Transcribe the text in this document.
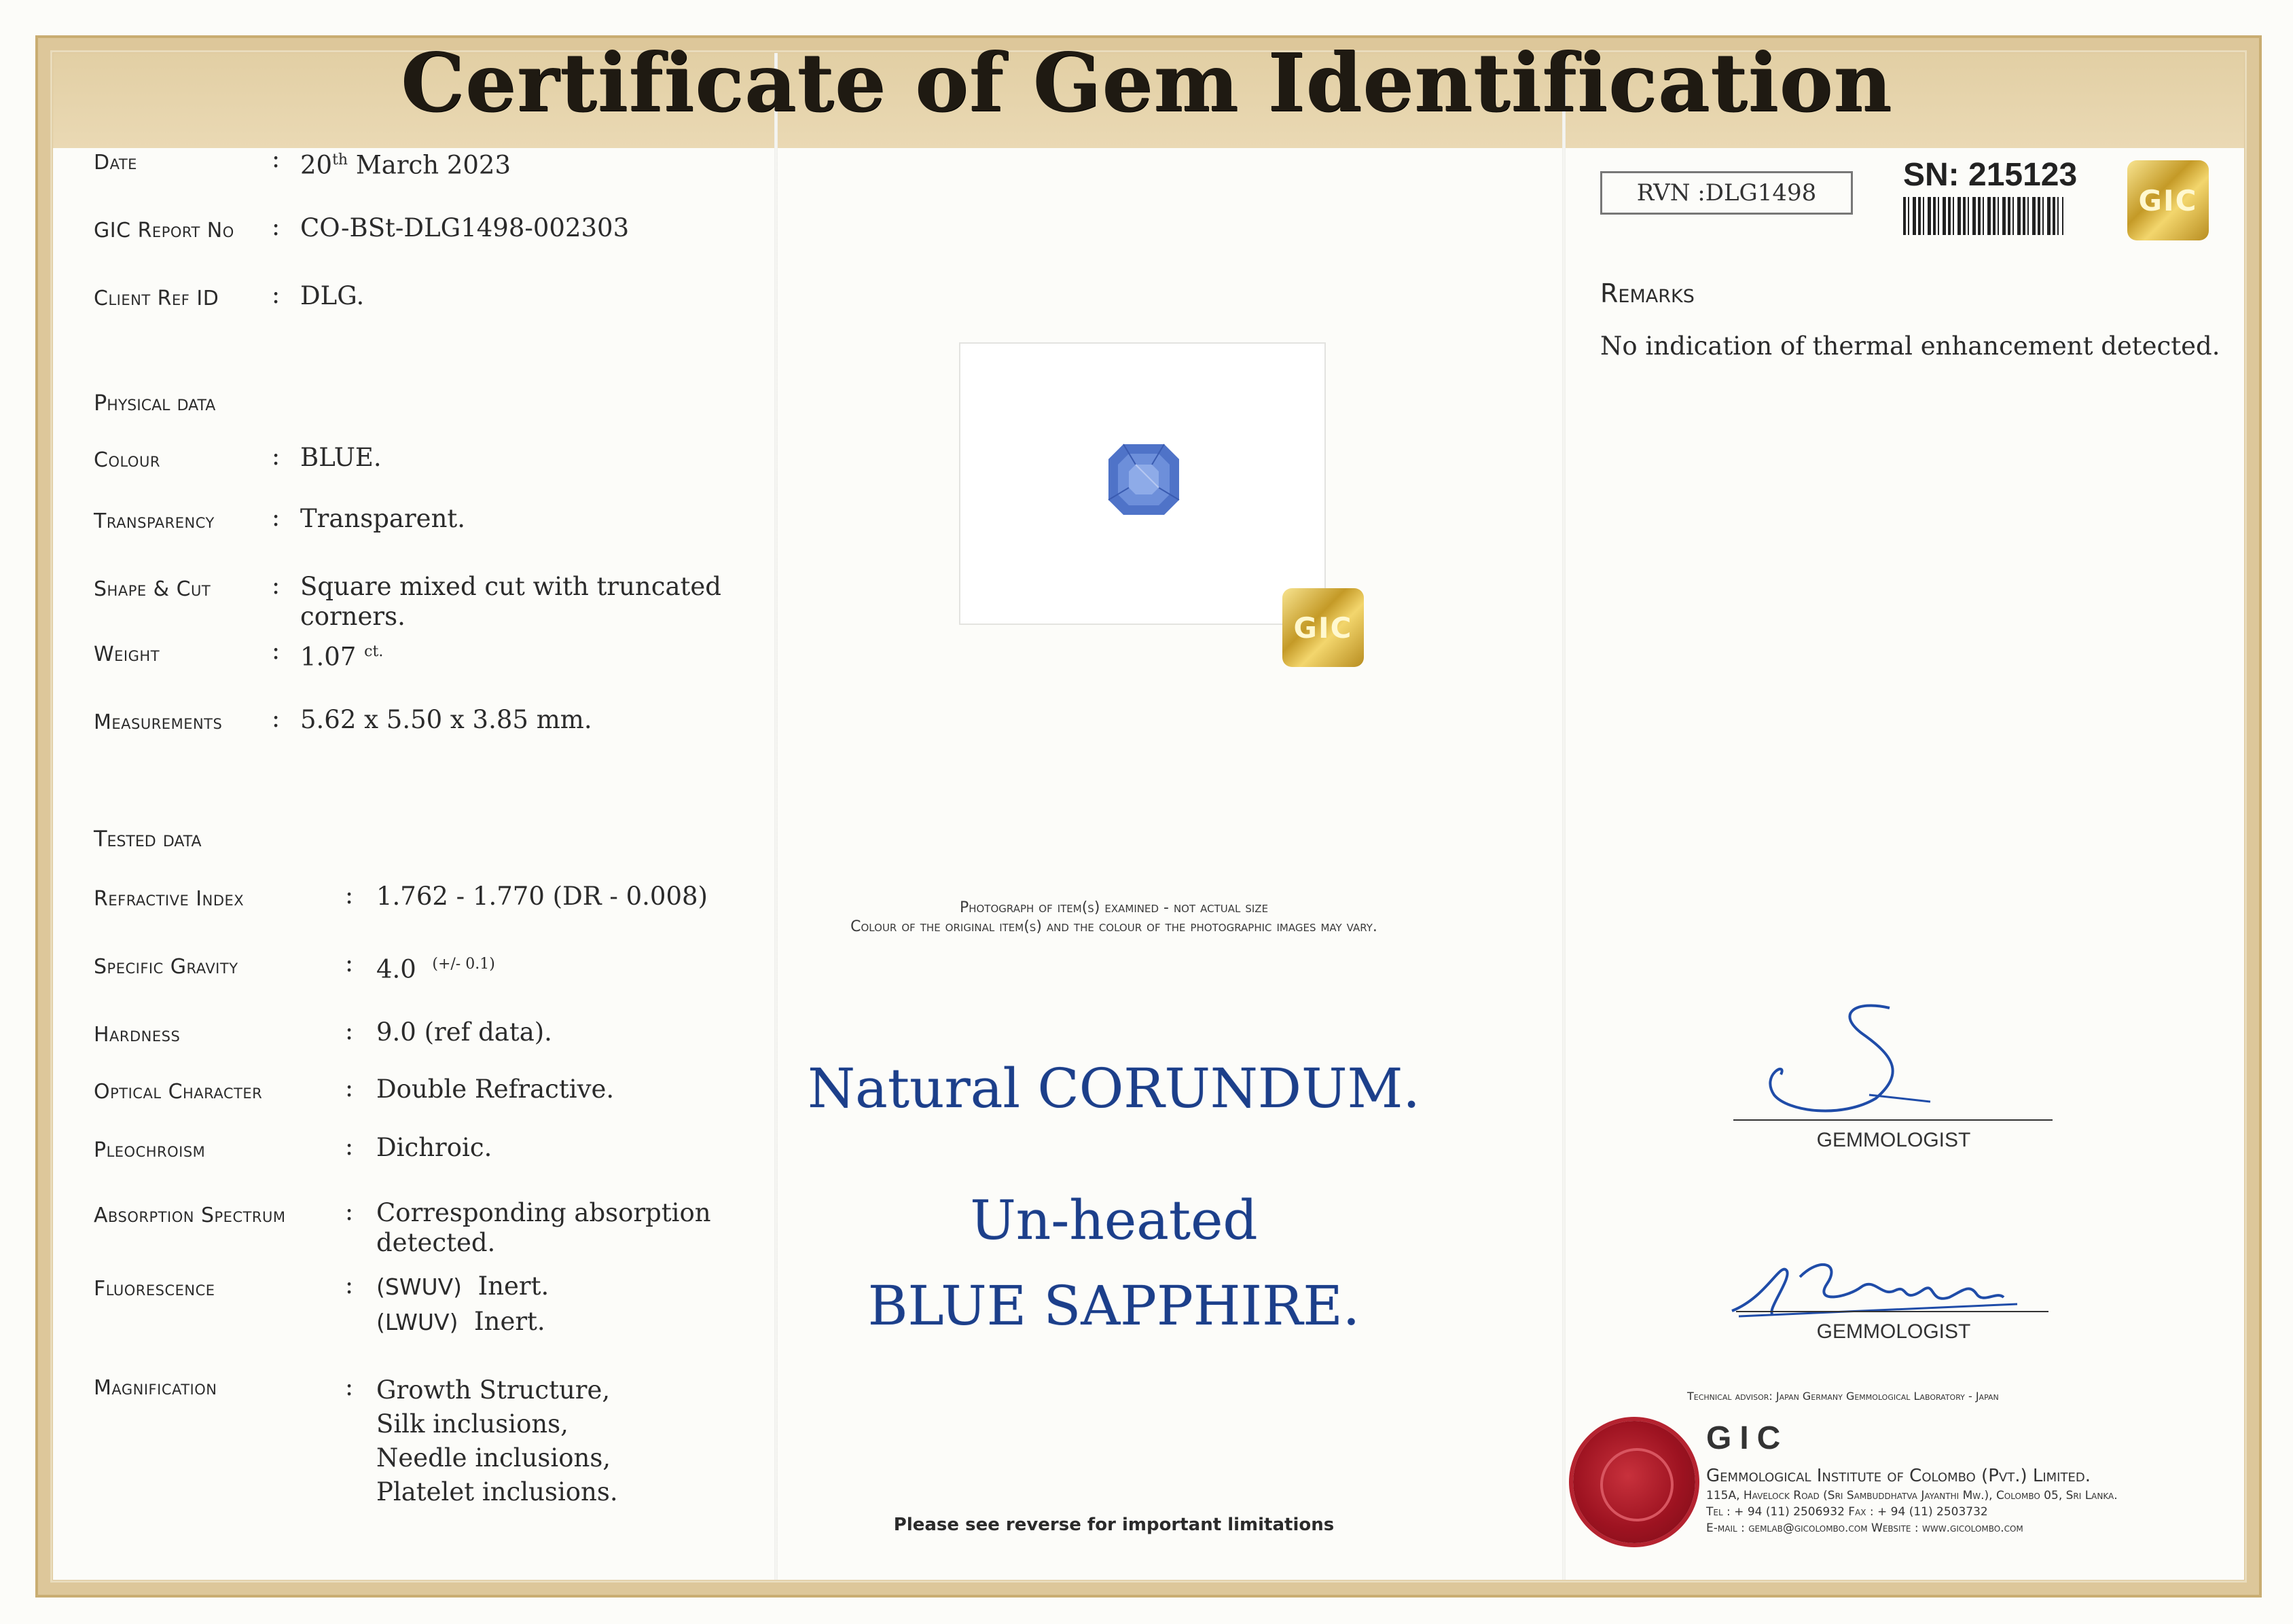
Certificate of Gem Identification
Date	: 20th March 2023
GIC Report No	: CO-BSt-DLG1498-002303
Client Ref ID	: DLG.
Physical data
Colour	: BLUE.
Transparency	: Transparent.
Shape & Cut	: Square mixed cut with truncated
corners.
Weight	: 1.07 $^{ct.}$
Measurements	: 5.62 x 5.50 x 3.85 mm.
Tested data
Refractive Index	: 1.762 - 1.770 (DR - 0.008)
Specific Gravity	: 4.0 $^{(+/- 0.1)}$
Hardness	: 9.0 (ref data).
Optical Character	: Double Refractive.
Pleochroism	: Dichroic.
Absorption Spectrum	: Corresponding absorption
detected.
Fluorescence	:	(SWUV) Inert.
(LWUV) Inert.
Magnification	: Growth Structure,
Silk inclusions,
Needle inclusions,
Platelet inclusions.
GIC
Photograph of item(s) examined - not actual size
Colour of the original item(s) and the colour of the photographic images may vary.
Natural CORUNDUM.
Un-heated
BLUE SAPPHIRE.
Please see reverse for important limitations
RVN :DLG1498	SN: 215123
GIC
Remarks
No indication of thermal enhancement detected.
GEMMOLOGIST
GEMMOLOGIST
Technical advisor: Japan Germany Gemmological Laboratory - Japan
GIC
Gemmological Institute of Colombo (Pvt.) Limited.
115A, Havelock Road (Sri Sambuddhatva Jayanthi Mw.), Colombo 05, Sri Lanka.
Tel : + 94 (11) 2506932 Fax : + 94 (11) 2503732
E-mail : gemlab@gicolombo.com Website : www.gicolombo.com
